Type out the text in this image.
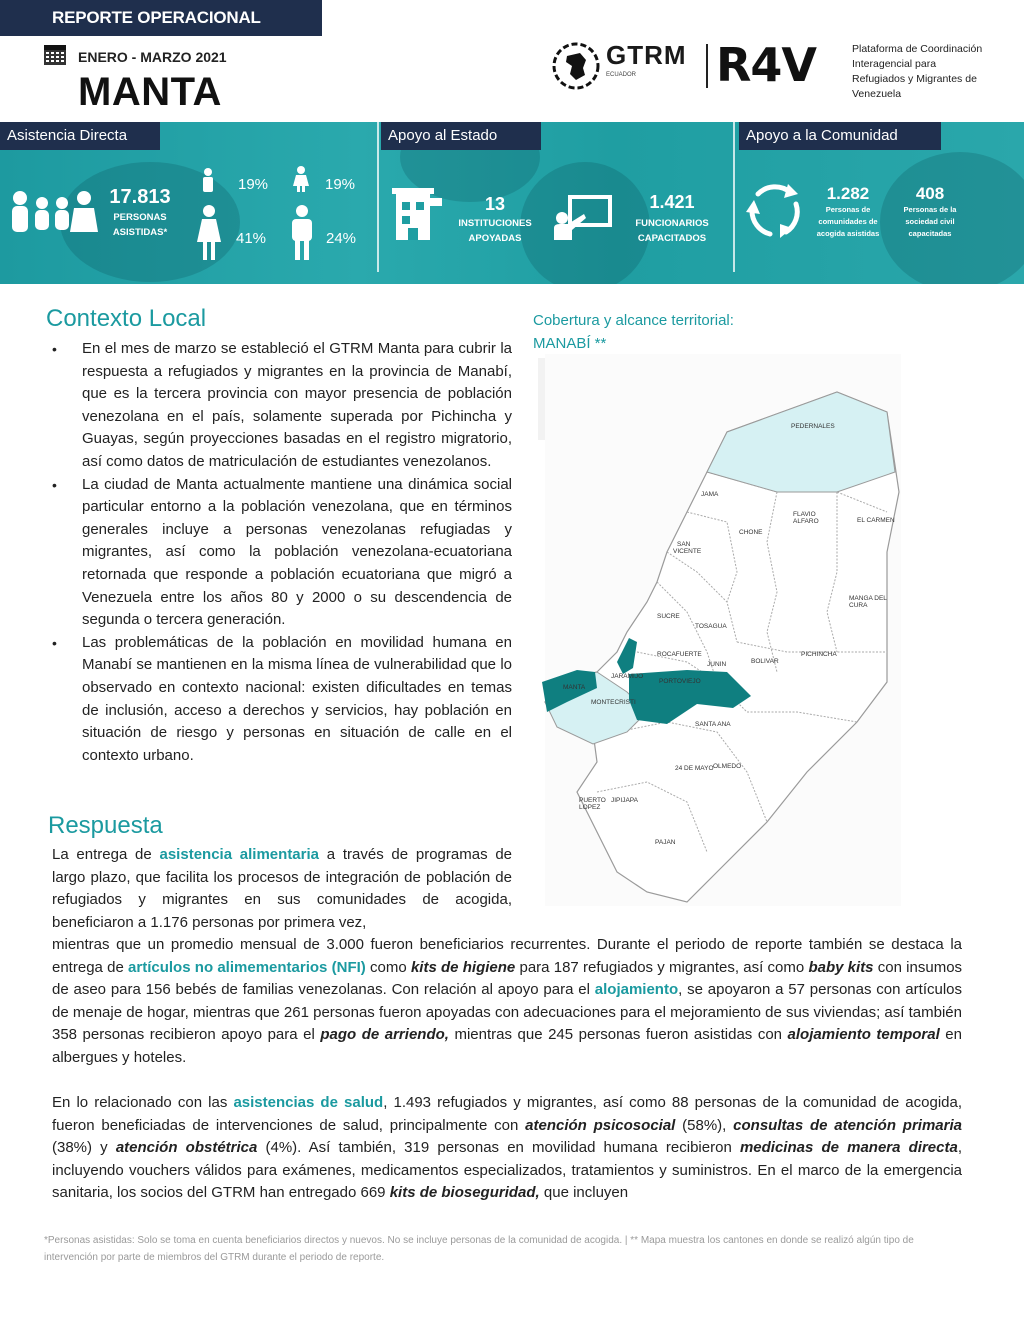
REPORTE OPERACIONAL
ENERO - MARZO 2021
MANTA
GTRM
ECUADOR	R4V	Plataforma de Coordinación Interagencial para Refugiados y Migrantes de Venezuela
Asistencia Directa	Apoyo al Estado	Apoyo a la Comunidad
17.813
PERSONAS
ASISTIDAS*
19%	19%
41%	24%
13
INSTITUCIONES
APOYADAS
1.421
FUNCIONARIOS
CAPACITADOS
1.282
Personas de comunidades de acogida asistidas
408
Personas de la sociedad civil capacitadas
Contexto Local
• En el mes de marzo se estableció el GTRM Manta para cubrir la respuesta a refugiados y migrantes en la provincia de Manabí, que es la tercera provincia con mayor presencia de población venezolana en el país, solamente superada por Pichincha y Guayas, según proyecciones basadas en el registro migratorio, así como datos de matriculación de estudiantes venezolanos.
• La ciudad de Manta actualmente mantiene una dinámica social particular entorno a la población venezolana, que en términos generales incluye a personas venezolanas refugiadas y migrantes, así como la población venezolana-ecuatoriana retornada que responde a población ecuatoriana que migró a Venezuela entre los años 80 y 2000 o su descendencia de segunda o tercera generación.
• Las problemáticas de la población en movilidad humana en Manabí se mantienen en la misma línea de vulnerabilidad que lo observado en contexto nacional: existen dificultades en temas de inclusión, acceso a derechos y servicios, hay población en situación de riesgo y personas en situación de calle en el contexto urbano.
Cobertura y alcance territorial:
MANABÍ **
PEDERNALES
JAMA
FLAVIO
ALFARO	EL CARMEN
SAN
VICENTE
CHONE
MANGA DEL
CURA
SUCRE
TOSAGUA
ROCAFUERTE
JUNIN	BOLIVAR
PICHINCHA
JARAMIJO
PORTOVIEJO
MANTA
MONTECRISTI
SANTA ANA
24 DE MAYO OLMEDO
PUERTO
LOPEZ
JIPIJAPA
PAJAN
Respuesta
La entrega de asistencia alimentaria a través de programas de largo plazo, que facilita los procesos de integración de población de refugiados y migrantes en sus comunidades de acogida, beneficiaron a 1.176 personas por primera vez,
mientras que un promedio mensual de 3.000 fueron beneficiarios recurrentes. Durante el periodo de reporte también se destaca la entrega de artículos no alimementarios (NFI) como kits de higiene para 187 refugiados y migrantes, así como baby kits con insumos de aseo para 156 bebés de familias venezolanas. Con relación al apoyo para el alojamiento, se apoyaron a 57 personas con artículos de menaje de hogar, mientras que 261 personas fueron apoyadas con adecuaciones para el mejoramiento de sus viviendas; así también 358 personas recibieron apoyo para el pago de arriendo, mientras que 245 personas fueron asistidas con alojamiento temporal en albergues y hoteles.
En lo relacionado con las asistencias de salud, 1.493 refugiados y migrantes, así como 88 personas de la comunidad de acogida, fueron beneficiadas de intervenciones de salud, principalmente con atención psicosocial (58%), consultas de atención primaria (38%) y atención obstétrica (4%). Así también, 319 personas en movilidad humana recibieron medicinas de manera directa, incluyendo vouchers válidos para exámenes, medicamentos especializados, tratamientos y suministros. En el marco de la emergencia sanitaria, los socios del GTRM han entregado 669 kits de bioseguridad, que incluyen
*Personas asistidas: Solo se toma en cuenta beneficiarios directos y nuevos. No se incluye personas de la comunidad de acogida. | ** Mapa muestra los cantones en donde se realizó algún tipo de intervención por parte de miembros del GTRM durante el periodo de reporte.
